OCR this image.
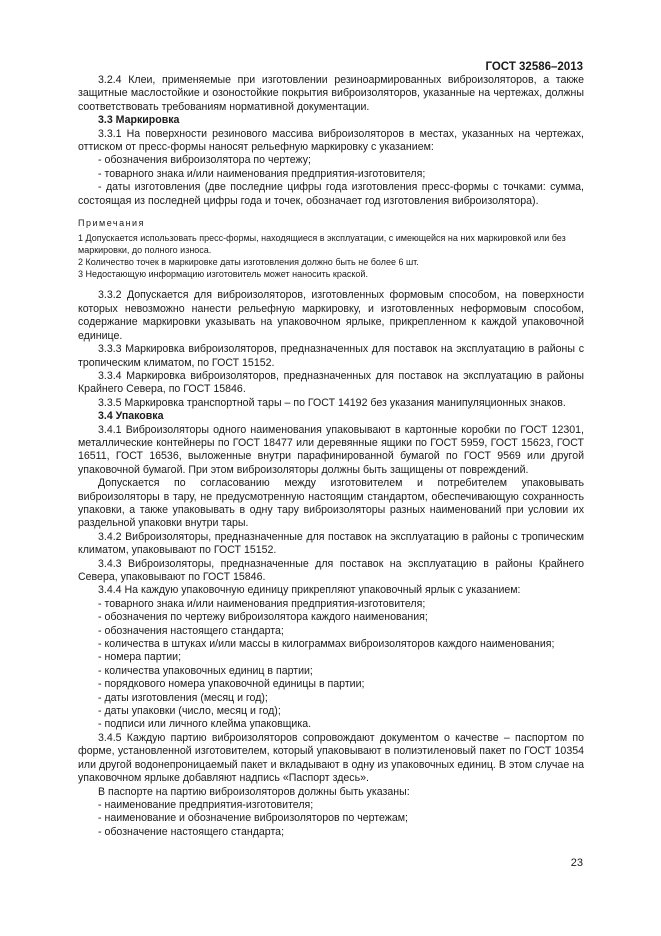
ГОСТ 32586–2013

3.2.4 Клеи, применяемые при изготовлении резиноармированных виброизоляторов, а также защитные маслостойкие и озоностойкие покрытия виброизоляторов, указанные на чертежах, должны соответствовать требованиям нормативной документации.

3.3 Маркировка

3.3.1 На поверхности резинового массива виброизоляторов в местах, указанных на чертежах, оттиском от пресс-формы наносят рельефную маркировку с указанием:

- обозначения виброизолятора по чертежу;

- товарного знака и/или наименования предприятия-изготовителя;

- даты изготовления (две последние цифры года изготовления пресс-формы с точками: сумма, состоящая из последней цифры года и точек, обозначает год изготовления виброизолятора).

Примечания

1 Допускается использовать пресс-формы, находящиеся в эксплуатации, с имеющейся на них маркировкой или без маркировки, до полного износа.

2 Количество точек в маркировке даты изготовления должно быть не более 6 шт.

3 Недостающую информацию изготовитель может наносить краской.

3.3.2 Допускается для виброизоляторов, изготовленных формовым способом, на поверхности которых невозможно нанести рельефную маркировку, и изготовленных неформовым способом, содержание маркировки указывать на упаковочном ярлыке, прикрепленном к каждой упаковочной единице.

3.3.3 Маркировка виброизоляторов, предназначенных для поставок на эксплуатацию в районы с тропическим климатом, по ГОСТ 15152.

3.3.4 Маркировка виброизоляторов, предназначенных для поставок на эксплуатацию в районы Крайнего Севера, по ГОСТ 15846.

3.3.5 Маркировка транспортной тары – по ГОСТ 14192 без указания манипуляционных знаков.

3.4 Упаковка

3.4.1 Виброизоляторы одного наименования упаковывают в картонные коробки по ГОСТ 12301, металлические контейнеры по ГОСТ 18477 или деревянные ящики по ГОСТ 5959, ГОСТ 15623, ГОСТ 16511, ГОСТ 16536, выложенные внутри парафинированной бумагой по ГОСТ 9569 или другой упаковочной бумагой. При этом виброизоляторы должны быть защищены от повреждений.

Допускается по согласованию между изготовителем и потребителем упаковывать виброизоляторы в тару, не предусмотренную настоящим стандартом, обеспечивающую сохранность упаковки, а также упаковывать в одну тару виброизоляторы разных наименований при условии их раздельной упаковки внутри тары.

3.4.2 Виброизоляторы, предназначенные для поставок на эксплуатацию в районы с тропическим климатом, упаковывают по ГОСТ 15152.

3.4.3 Виброизоляторы, предназначенные для поставок на эксплуатацию в районы Крайнего Севера, упаковывают по ГОСТ 15846.

3.4.4 На каждую упаковочную единицу прикрепляют упаковочный ярлык с указанием:

- товарного знака и/или наименования предприятия-изготовителя;

- обозначения по чертежу виброизолятора каждого наименования;

- обозначения настоящего стандарта;

- количества в штуках и/или массы в килограммах виброизоляторов каждого наименования;

- номера партии;

- количества упаковочных единиц в партии;

- порядкового номера упаковочной единицы в партии;

- даты изготовления (месяц и год);

- даты упаковки (число, месяц и год);

- подписи или личного клейма упаковщика.

3.4.5 Каждую партию виброизоляторов сопровождают документом о качестве – паспортом по форме, установленной изготовителем, который упаковывают в полиэтиленовый пакет по ГОСТ 10354 или другой водонепроницаемый пакет и вкладывают в одну из упаковочных единиц. В этом случае на упаковочном ярлыке добавляют надпись «Паспорт здесь».

В паспорте на партию виброизоляторов должны быть указаны:

- наименование предприятия-изготовителя;

- наименование и обозначение виброизоляторов по чертежам;

- обозначение настоящего стандарта;

23
